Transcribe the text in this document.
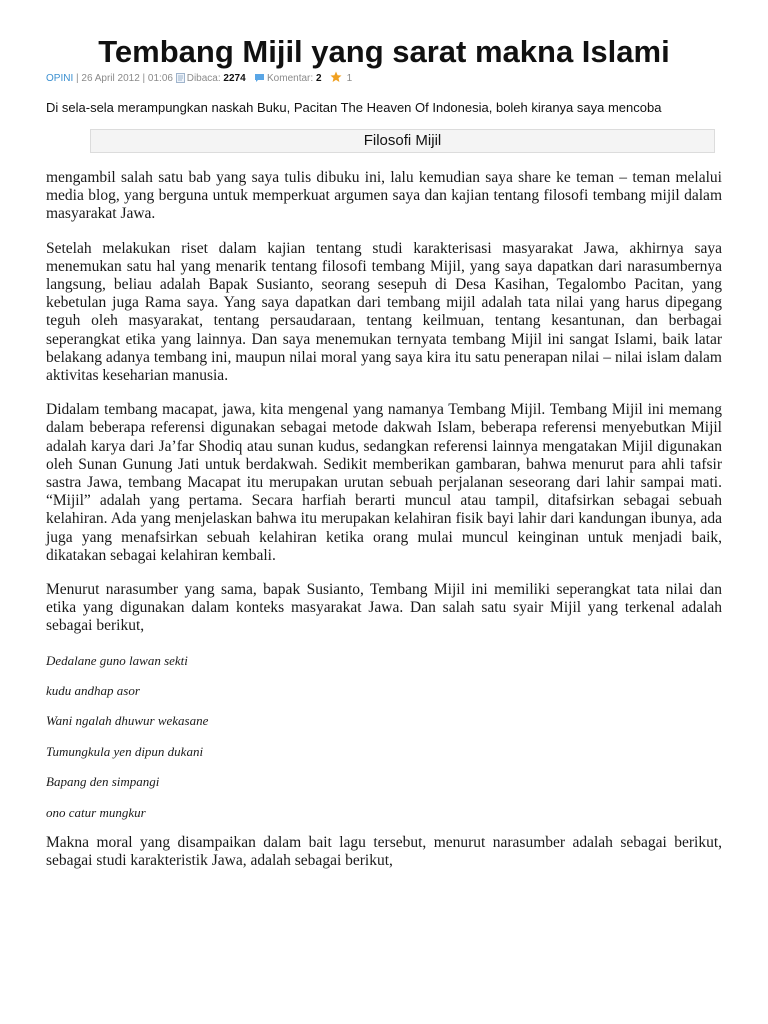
Tembang Mijil yang sarat makna Islami
OPINI | 26 April 2012 | 01:06 Dibaca: 2274 Komentar: 2	1
Di sela-sela merampungkan naskah Buku, Pacitan The Heaven Of Indonesia, boleh kiranya saya mencoba
Filosofi Mijil

mengambil salah satu bab yang saya tulis dibuku ini, lalu kemudian saya share ke teman – teman melalui media blog, yang berguna untuk memperkuat argumen saya dan kajian tentang filosofi tembang mijil dalam masyarakat Jawa.

Setelah melakukan riset dalam kajian tentang studi karakterisasi masyarakat Jawa, akhirnya saya menemukan satu hal yang menarik tentang filosofi tembang Mijil, yang saya dapatkan dari narasumbernya langsung, beliau adalah Bapak Susianto, seorang sesepuh di Desa Kasihan, Tegalombo Pacitan, yang kebetulan juga Rama saya. Yang saya dapatkan dari tembang mijil adalah tata nilai yang harus dipegang teguh oleh masyarakat, tentang persaudaraan, tentang keilmuan, tentang kesantunan, dan berbagai seperangkat etika yang lainnya. Dan saya menemukan ternyata tembang Mijil ini sangat Islami, baik latar belakang adanya tembang ini, maupun nilai moral yang saya kira itu satu penerapan nilai – nilai islam dalam aktivitas keseharian manusia.

Didalam tembang macapat, jawa, kita mengenal yang namanya Tembang Mijil. Tembang Mijil ini memang dalam beberapa referensi digunakan sebagai metode dakwah Islam, beberapa referensi menyebutkan Mijil adalah karya dari Ja’far Shodiq atau sunan kudus, sedangkan referensi lainnya mengatakan Mijil digunakan oleh Sunan Gunung Jati untuk berdakwah. Sedikit memberikan gambaran, bahwa menurut para ahli tafsir sastra Jawa, tembang Macapat itu merupakan urutan sebuah perjalanan seseorang dari lahir sampai mati. “Mijil” adalah yang pertama. Secara harfiah berarti muncul atau tampil, ditafsirkan sebagai sebuah kelahiran. Ada yang menjelaskan bahwa itu merupakan kelahiran fisik bayi lahir dari kandungan ibunya, ada juga yang menafsirkan sebuah kelahiran ketika orang mulai muncul keinginan untuk menjadi baik, dikatakan sebagai kelahiran kembali.

Menurut narasumber yang sama, bapak Susianto, Tembang Mijil ini memiliki seperangkat tata nilai dan etika yang digunakan dalam konteks masyarakat Jawa. Dan salah satu syair Mijil yang terkenal adalah sebagai berikut,

Dedalane guno lawan sekti

kudu andhap asor

Wani ngalah dhuwur wekasane

Tumungkula yen dipun dukani

Bapang den simpangi

ono catur mungkur

Makna moral yang disampaikan dalam bait lagu tersebut, menurut narasumber adalah sebagai berikut, sebagai studi karakteristik Jawa, adalah sebagai berikut,
